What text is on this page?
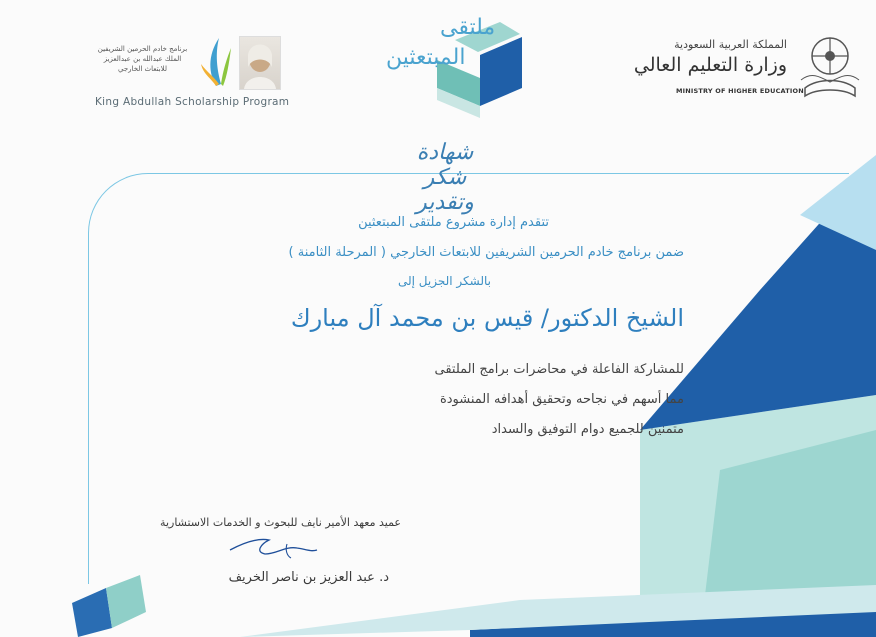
برنامج خادم الحرمين الشريفين
الملك عبدالله بن عبدالعزيز
للابتعاث الخارجي
King Abdullah Scholarship Program
ملتقى
المبتعثين
المملكة العربية السعودية
وزارة التعليم العالي
MINISTRY OF HIGHER EDUCATION
شهادة شكر وتقدير
تتقدم إدارة مشروع ملتقى المبتعثين
ضمن برنامج خادم الحرمين الشريفين للابتعاث الخارجي ( المرحلة الثامنة )
بالشكر الجزيل إلى
الشيخ الدكتور/ قيس بن محمد آل مبارك
للمشاركة الفاعلة في محاضرات برامج الملتقى
مما أسهم في نجاحه وتحقيق أهدافه المنشودة
متمنين للجميع دوام التوفيق والسداد
عميد معهد الأمير نايف للبحوث و الخدمات الاستشارية
د. عبد العزيز بن ناصر الخريف
